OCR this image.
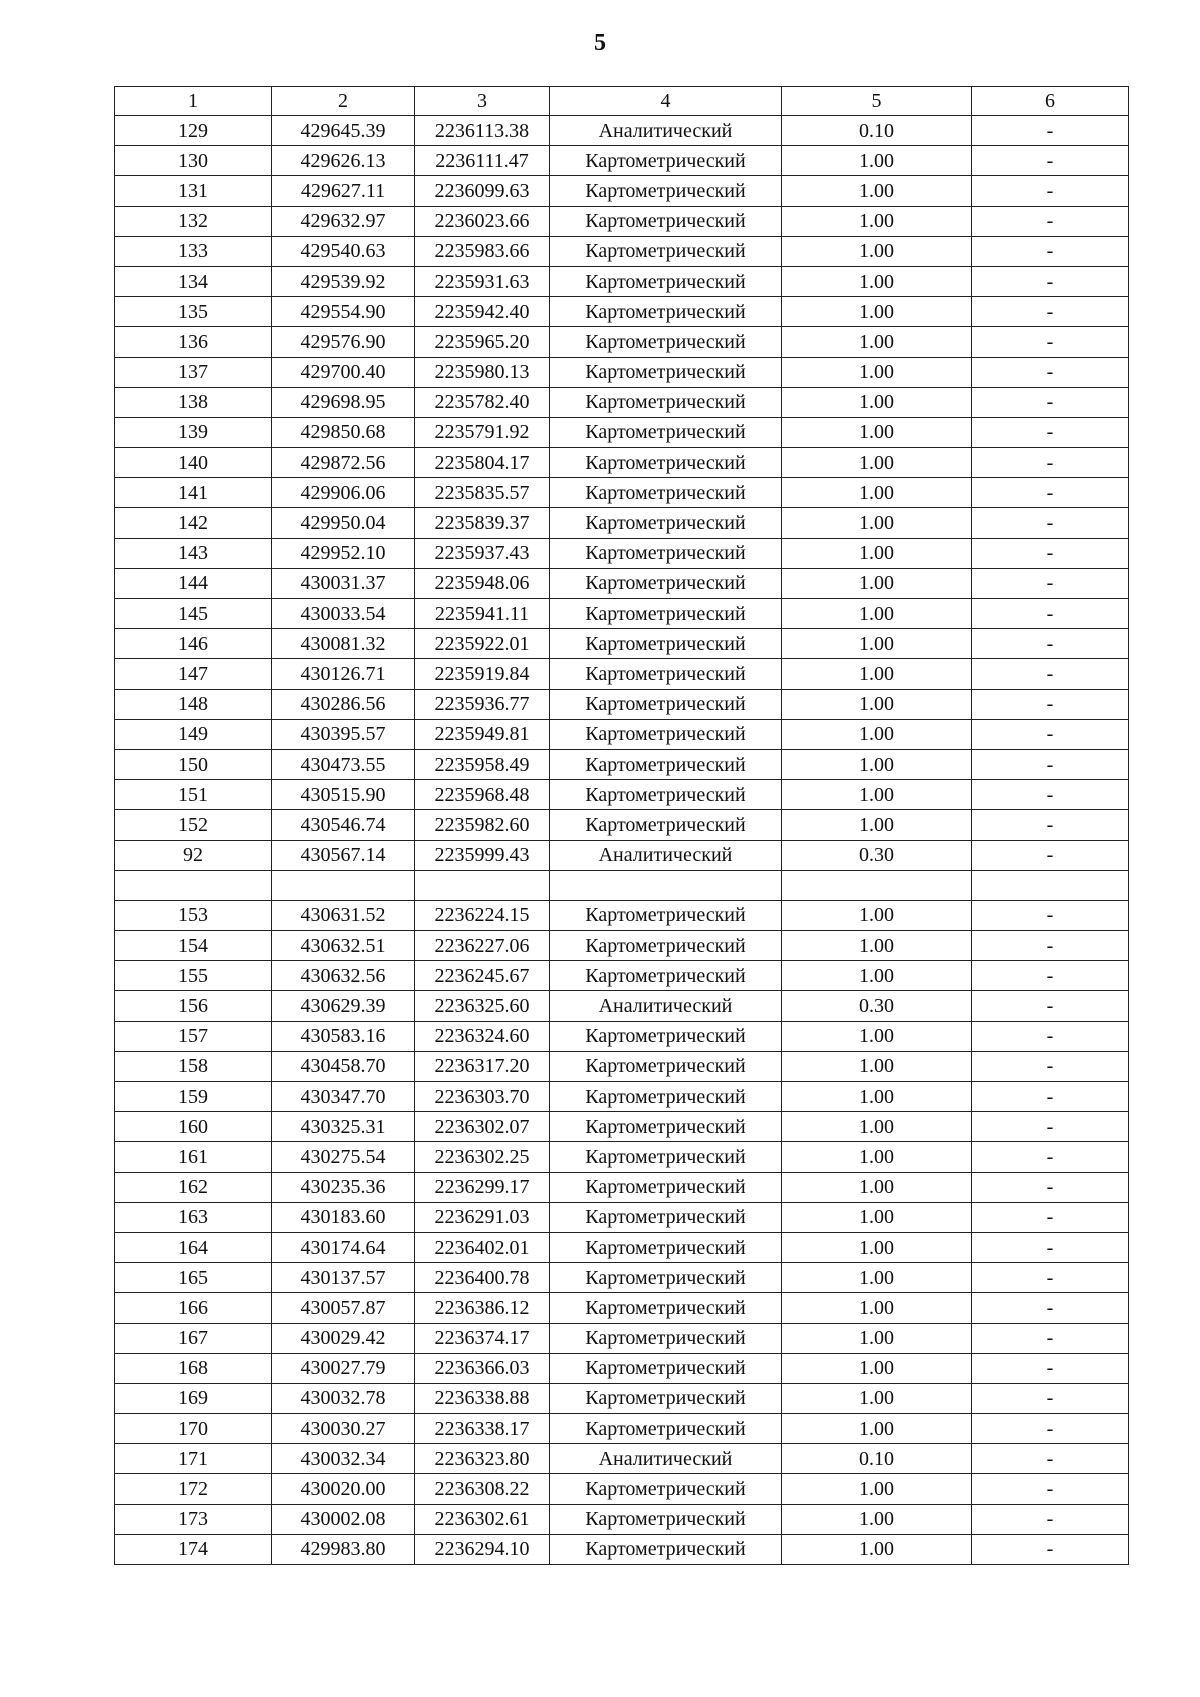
5
1	2	3	4	5	6
129	429645.39	2236113.38	Аналитический	0.10	-
130	429626.13	2236111.47	Картометрический	1.00	-
131	429627.11	2236099.63	Картометрический	1.00	-
132	429632.97	2236023.66	Картометрический	1.00	-
133	429540.63	2235983.66	Картометрический	1.00	-
134	429539.92	2235931.63	Картометрический	1.00	-
135	429554.90	2235942.40	Картометрический	1.00	-
136	429576.90	2235965.20	Картометрический	1.00	-
137	429700.40	2235980.13	Картометрический	1.00	-
138	429698.95	2235782.40	Картометрический	1.00	-
139	429850.68	2235791.92	Картометрический	1.00	-
140	429872.56	2235804.17	Картометрический	1.00	-
141	429906.06	2235835.57	Картометрический	1.00	-
142	429950.04	2235839.37	Картометрический	1.00	-
143	429952.10	2235937.43	Картометрический	1.00	-
144	430031.37	2235948.06	Картометрический	1.00	-
145	430033.54	2235941.11	Картометрический	1.00	-
146	430081.32	2235922.01	Картометрический	1.00	-
147	430126.71	2235919.84	Картометрический	1.00	-
148	430286.56	2235936.77	Картометрический	1.00	-
149	430395.57	2235949.81	Картометрический	1.00	-
150	430473.55	2235958.49	Картометрический	1.00	-
151	430515.90	2235968.48	Картометрический	1.00	-
152	430546.74	2235982.60	Картометрический	1.00	-
92	430567.14	2235999.43	Аналитический	0.30	-

153	430631.52	2236224.15	Картометрический	1.00	-
154	430632.51	2236227.06	Картометрический	1.00	-
155	430632.56	2236245.67	Картометрический	1.00	-
156	430629.39	2236325.60	Аналитический	0.30	-
157	430583.16	2236324.60	Картометрический	1.00	-
158	430458.70	2236317.20	Картометрический	1.00	-
159	430347.70	2236303.70	Картометрический	1.00	-
160	430325.31	2236302.07	Картометрический	1.00	-
161	430275.54	2236302.25	Картометрический	1.00	-
162	430235.36	2236299.17	Картометрический	1.00	-
163	430183.60	2236291.03	Картометрический	1.00	-
164	430174.64	2236402.01	Картометрический	1.00	-
165	430137.57	2236400.78	Картометрический	1.00	-
166	430057.87	2236386.12	Картометрический	1.00	-
167	430029.42	2236374.17	Картометрический	1.00	-
168	430027.79	2236366.03	Картометрический	1.00	-
169	430032.78	2236338.88	Картометрический	1.00	-
170	430030.27	2236338.17	Картометрический	1.00	-
171	430032.34	2236323.80	Аналитический	0.10	-
172	430020.00	2236308.22	Картометрический	1.00	-
173	430002.08	2236302.61	Картометрический	1.00	-
174	429983.80	2236294.10	Картометрический	1.00	-
